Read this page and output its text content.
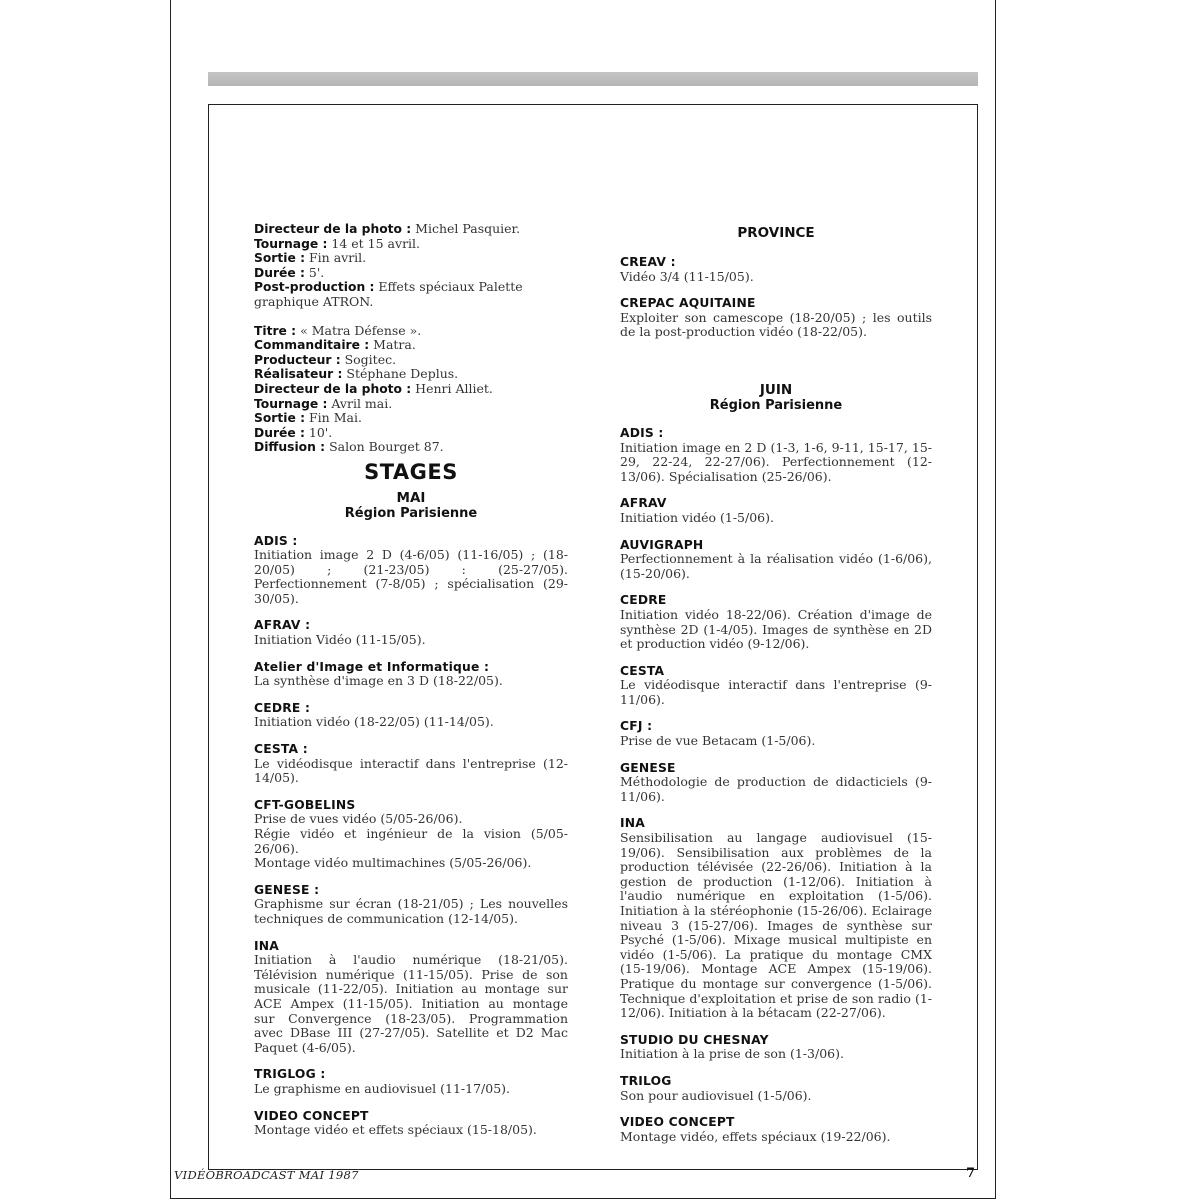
Directeur de la photo : Michel Pasquier.

Tournage : 14 et 15 avril.

Sortie : Fin avril.

Durée : 5'.

Post-production : Effets spéciaux Palette graphique ATRON.

Titre : « Matra Défense ».

Commanditaire : Matra.

Producteur : Sogitec.

Réalisateur : Stéphane Deplus.

Directeur de la photo : Henri Alliet.

Tournage : Avril mai.

Sortie : Fin Mai.

Durée : 10'.

Diffusion : Salon Bourget 87.

STAGES
MAI
Région Parisienne
ADIS :

Initiation image 2 D (4-6/05) (11-16/05) ; (18-20/05) ; (21-23/05) : (25-27/05). Perfectionnement (7-8/05) ; spécialisation (29-30/05).

AFRAV :

Initiation Vidéo (11-15/05).

Atelier d'Image et Informatique :

La synthèse d'image en 3 D (18-22/05).

CEDRE :

Initiation vidéo (18-22/05) (11-14/05).

CESTA :

Le vidéodisque interactif dans l'entreprise (12-14/05).

CFT-GOBELINS

Prise de vues vidéo (5/05-26/06).
Régie vidéo et ingénieur de la vision (5/05-26/06).
Montage vidéo multimachines (5/05-26/06).

GENESE :

Graphisme sur écran (18-21/05) ; Les nouvelles techniques de communication (12-14/05).

INA

Initiation à l'audio numérique (18-21/05). Télévision numérique (11-15/05). Prise de son musicale (11-22/05). Initiation au montage sur ACE Ampex (11-15/05). Initiation au montage sur Convergence (18-23/05). Programmation avec DBase III (27-27/05). Satellite et D2 Mac Paquet (4-6/05).

TRIGLOG :

Le graphisme en audiovisuel (11-17/05).

VIDEO CONCEPT

Montage vidéo et effets spéciaux (15-18/05).

PROVINCE
CREAV :

Vidéo 3/4 (11-15/05).

CREPAC AQUITAINE

Exploiter son camescope (18-20/05) ; les outils de la post-production vidéo (18-22/05).

JUIN
Région Parisienne
ADIS :

Initiation image en 2 D (1-3, 1-6, 9-11, 15-17, 15-29, 22-24, 22-27/06). Perfectionnement (12-13/06). Spécialisation (25-26/06).

AFRAV

Initiation vidéo (1-5/06).

AUVIGRAPH

Perfectionnement à la réalisation vidéo (1-6/06), (15-20/06).

CEDRE

Initiation vidéo 18-22/06). Création d'image de synthèse 2D (1-4/05). Images de synthèse en 2D et production vidéo (9-12/06).

CESTA

Le vidéodisque interactif dans l'entreprise (9-11/06).

CFJ :

Prise de vue Betacam (1-5/06).

GENESE

Méthodologie de production de didacticiels (9-11/06).

INA

Sensibilisation au langage audiovisuel (15-19/06). Sensibilisation aux problèmes de la production télévisée (22-26/06). Initiation à la gestion de production (1-12/06). Initiation à l'audio numérique en exploitation (1-5/06). Initiation à la stéréophonie (15-26/06). Eclairage niveau 3 (15-27/06). Images de synthèse sur Psyché (1-5/06). Mixage musical multipiste en vidéo (1-5/06). La pratique du montage CMX (15-19/06). Montage ACE Ampex (15-19/06). Pratique du montage sur convergence (1-5/06). Technique d'exploitation et prise de son radio (1-12/06). Initiation à la bétacam (22-27/06).

STUDIO DU CHESNAY

Initiation à la prise de son (1-3/06).

TRILOG

Son pour audiovisuel (1-5/06).

VIDEO CONCEPT

Montage vidéo, effets spéciaux (19-22/06).

VIDÉOBROADCAST MAI 1987	7
